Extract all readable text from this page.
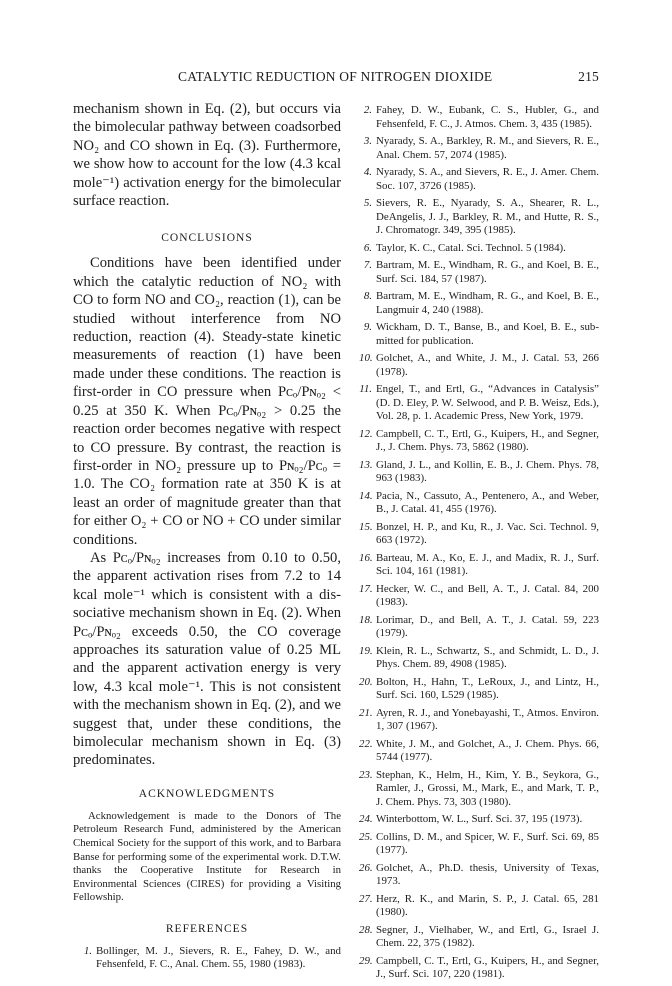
CATALYTIC REDUCTION OF NITROGEN DIOXIDE	215

mechanism shown in Eq. (2), but occurs via the bimolecular pathway between coadsorbed NO₂ and CO shown in Eq. (3). Furthermore, we show how to account for the low (4.3 kcal mole⁻¹) activation energy for the bimolecular surface reaction.

CONCLUSIONS

Conditions have been identified under which the catalytic reduction of NO₂ with CO to form NO and CO₂, reaction (1), can be studied without interference from NO reduction, reaction (4). Steady-state kinetic measurements of reaction (1) have been made under these conditions. The reaction is first-order in CO pressure when Pᴄₒ/Pɴₒ₂ < 0.25 at 350 K. When Pᴄₒ/Pɴₒ₂ > 0.25 the reaction order becomes negative with respect to CO pressure. By contrast, the reaction is first-order in NO₂ pressure up to Pɴₒ₂/Pᴄₒ = 1.0. The CO₂ formation rate at 350 K is at least an order of magnitude greater than that for either O₂ + CO or NO + CO under similar conditions.

As Pᴄₒ/Pɴₒ₂ increases from 0.10 to 0.50, the apparent activation rises from 7.2 to 14 kcal mole⁻¹ which is consistent with a dissociative mechanism shown in Eq. (2). When Pᴄₒ/Pɴₒ₂ exceeds 0.50, the CO coverage approaches its saturation value of 0.25 ML and the apparent activation energy is very low, 4.3 kcal mole⁻¹. This is not consistent with the mechanism shown in Eq. (2), and we suggest that, under these conditions, the bimolecular mechanism shown in Eq. (3) predominates.

ACKNOWLEDGMENTS

Acknowledgement is made to the Donors of The Petroleum Research Fund, administered by the American Chemical Society for the support of this work, and to Barbara Banse for performing some of the experimental work. D.T.W. thanks the Cooperative Institute for Research in Environmental Sciences (CIRES) for providing a Visiting Fellowship.

REFERENCES
1. Bollinger, M. J., Sievers, R. E., Fahey, D. W., and Fehsenfeld, F. C., Anal. Chem. 55, 1980 (1983).
2. Fahey, D. W., Eubank, C. S., Hubler, G., and Fehsenfeld, F. C., J. Atmos. Chem. 3, 435 (1985).
3. Nyarady, S. A., Barkley, R. M., and Sievers, R. E., Anal. Chem. 57, 2074 (1985).
4. Nyarady, S. A., and Sievers, R. E., J. Amer. Chem. Soc. 107, 3726 (1985).
5. Sievers, R. E., Nyarady, S. A., Shearer, R. L., DeAngelis, J. J., Barkley, R. M., and Hutte, R. S., J. Chromatogr. 349, 395 (1985).
6. Taylor, K. C., Catal. Sci. Technol. 5 (1984).
7. Bartram, M. E., Windham, R. G., and Koel, B. E., Surf. Sci. 184, 57 (1987).
8. Bartram, M. E., Windham, R. G., and Koel, B. E., Langmuir 4, 240 (1988).
9. Wickham, D. T., Banse, B., and Koel, B. E., submitted for publication.
10. Golchet, A., and White, J. M., J. Catal. 53, 266 (1978).
11. Engel, T., and Ertl, G., “Advances in Catalysis” (D. D. Eley, P. W. Selwood, and P. B. Weisz, Eds.), Vol. 28, p. 1. Academic Press, New York, 1979.
12. Campbell, C. T., Ertl, G., Kuipers, H., and Segner, J., J. Chem. Phys. 73, 5862 (1980).
13. Gland, J. L., and Kollin, E. B., J. Chem. Phys. 78, 963 (1983).
14. Pacia, N., Cassuto, A., Pentenero, A., and Weber, B., J. Catal. 41, 455 (1976).
15. Bonzel, H. P., and Ku, R., J. Vac. Sci. Technol. 9, 663 (1972).
16. Barteau, M. A., Ko, E. J., and Madix, R. J., Surf. Sci. 104, 161 (1981).
17. Hecker, W. C., and Bell, A. T., J. Catal. 84, 200 (1983).
18. Lorimar, D., and Bell, A. T., J. Catal. 59, 223 (1979).
19. Klein, R. L., Schwartz, S., and Schmidt, L. D., J. Phys. Chem. 89, 4908 (1985).
20. Bolton, H., Hahn, T., LeRoux, J., and Lintz, H., Surf. Sci. 160, L529 (1985).
21. Ayren, R. J., and Yonebayashi, T., Atmos. Environ. 1, 307 (1967).
22. White, J. M., and Golchet, A., J. Chem. Phys. 66, 5744 (1977).
23. Stephan, K., Helm, H., Kim, Y. B., Seykora, G., Ramler, J., Grossi, M., Mark, E., and Mark, T. P., J. Chem. Phys. 73, 303 (1980).
24. Winterbottom, W. L., Surf. Sci. 37, 195 (1973).
25. Collins, D. M., and Spicer, W. F., Surf. Sci. 69, 85 (1977).
26. Golchet, A., Ph.D. thesis, University of Texas, 1973.
27. Herz, R. K., and Marin, S. P., J. Catal. 65, 281 (1980).
28. Segner, J., Vielhaber, W., and Ertl, G., Israel J. Chem. 22, 375 (1982).
29. Campbell, C. T., Ertl, G., Kuipers, H., and Segner, J., Surf. Sci. 107, 220 (1981).
